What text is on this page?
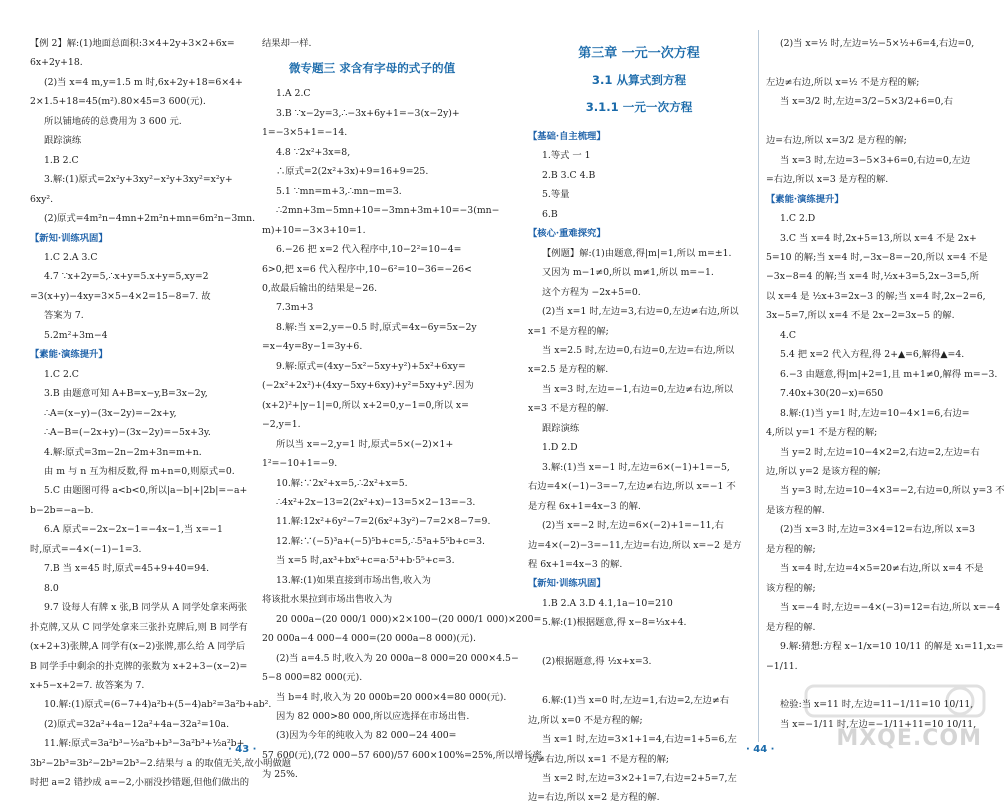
【例 2】解:(1)地面总面积:3×4+2y+3×2+6x=
6x+2y+18.
(2)当 x=4 m,y=1.5 m 时,6x+2y+18=6×4+
2×1.5+18=45(m²).80×45=3 600(元).
所以铺地砖的总费用为 3 600 元.
跟踪演练
1.B 2.C
3.解:(1)原式=2x²y+3xy²−x²y+3xy²=x²y+
6xy².
(2)原式=4m²n−4mn+2m²n+mn=6m²n−3mn.
【新知·训练巩固】
1.C 2.A 3.C
4.7 ∵x+2y=5,∴x+y=5.x+y=5,xy=2
=3(x+y)−4xy=3×5−4×2=15−8=7. 故
答案为 7.
5.2m²+3m−4
【素能·演练提升】
1.C 2.C
3.B 由题意可知 A+B=x−y,B=3x−2y,
∴A=(x−y)−(3x−2y)=−2x+y,
∴A−B=(−2x+y)−(3x−2y)=−5x+3y.
4.解:原式=3m−2n−2m+3n=m+n.
由 m 与 n 互为相反数,得 m+n=0,则原式=0.
5.C 由题图可得 a<b<0,所以|a−b|+|2b|=−a+
b−2b=−a−b.
6.A 原式=−2x−2x−1=−4x−1,当 x=−1
时,原式=−4×(−1)−1=3.
7.B 当 x=45 时,原式=45+9+40=94.
8.0
9.7 设每人有牌 x 张,B 同学从 A 同学处拿来两张
扑克牌,又从 C 同学处拿来三张扑克牌后,则 B 同学有
(x+2+3)张牌,A 同学有(x−2)张牌,那么给 A 同学后
B 同学手中剩余的扑克牌的张数为 x+2+3−(x−2)=
x+5−x+2=7. 故答案为 7.
10.解:(1)原式=(6−7+4)a²b+(5−4)ab²=3a²b+ab².
(2)原式=32a²+4a−12a²+4a−32a²=10a.
11.解:原式=3a²b³−½a²b+b³−3a²b³+½a²b+
3b²−2b³=3b²−2b³=2b³−2.结果与 a 的取值无关,故小明做题
时把 a=2 错抄成 a=−2,小丽没抄错题,但他们做出的
结果却一样.
微专题三 求含有字母的式子的值
1.A 2.C
3.B ∵x−2y=3,∴−3x+6y+1=−3(x−2y)+
1=−3×5+1=−14.
4.8 ∵2x²+3x=8,
∴原式=2(2x²+3x)+9=16+9=25.
5.1 ∵mn=m+3,∴mn−m=3.
∴2mn+3m−5mn+10=−3mn+3m+10=−3(mn−
m)+10=−3×3+10=1.
6.−26 把 x=2 代入程序中,10−2²=10−4=
6>0,把 x=6 代入程序中,10−6²=10−36=−26<
0,故最后输出的结果是−26.
7.3m+3
8.解:当 x=2,y=−0.5 时,原式=4x−6y=5x−2y
=x−4y=8y−1=3y+6.
9.解:原式=(4xy−5x²−5xy+y²)+5x²+6xy=
(−2x²+2x²)+(4xy−5xy+6xy)+y²=5xy+y².因为
(x+2)²+|y−1|=0,所以 x+2=0,y−1=0,所以 x=
−2,y=1.
所以当 x=−2,y=1 时,原式=5×(−2)×1+
1²=−10+1=−9.
10.解:∵2x²+x=5,∴2x²+x=5.
∴4x²+2x−13=2(2x²+x)−13=5×2−13=−3.
11.解:12x²+6y²−7=2(6x²+3y²)−7=2×8−7=9.
12.解:∵(−5)³a+(−5)⁵b+c=5,∴5³a+5⁵b+c=3.
当 x=5 时,ax³+bx⁵+c=a·5³+b·5⁵+c=3.
13.解:(1)如果直接到市场出售,收入为
将该批水果拉到市场出售收入为
20 000a−(20 000/1 000)×2×100−(20 000/1 000)×200=
20 000a−4 000−4 000=(20 000a−8 000)(元).
(2)当 a=4.5 时,收入为 20 000a−8 000=20 000×4.5−
5−8 000=82 000(元).
当 b=4 时,收入为 20 000b=20 000×4=80 000(元).
因为 82 000>80 000,所以应选择在市场出售.
(3)因为今年的纯收入为 82 000−24 400=
57 600(元),(72 000−57 600)/57 600×100%=25%,所以增长率
为 25%.
· 43 ·
第三章 一元一次方程
3.1 从算式到方程
3.1.1 一元一次方程
【基础·自主梳理】
1.等式 一 1
2.B 3.C 4.B
5.等量
6.B
【核心·重难探究】
【例题】解:(1)由题意,得|m|=1,所以 m=±1.
又因为 m−1≠0,所以 m≠1,所以 m=−1.
这个方程为 −2x+5=0.
(2)当 x=1 时,左边=3,右边=0,左边≠右边,所以
x=1 不是方程的解;
当 x=2.5 时,左边=0,右边=0,左边=右边,所以
x=2.5 是方程的解.
当 x=3 时,左边=−1,右边=0,左边≠右边,所以
x=3 不是方程的解.
跟踪演练
1.D 2.D
3.解:(1)当 x=−1 时,左边=6×(−1)+1=−5,
右边=4×(−1)−3=−7,左边≠右边,所以 x=−1 不
是方程 6x+1=4x−3 的解.
(2)当 x=−2 时,左边=6×(−2)+1=−11,右
边=4×(−2)−3=−11,左边=右边,所以 x=−2 是方
程 6x+1=4x−3 的解.
【新知·训练巩固】
1.B 2.A 3.D 4.1,1a−10=210
5.解:(1)根据题意,得 x−8=⅓x+4.

(2)根据题意,得 ½x+x=3.

6.解:(1)当 x=0 时,左边=1,右边=2,左边≠右
边,所以 x=0 不是方程的解;
当 x=1 时,左边=3×1+1=4,右边=1+5=6,左
边≠右边,所以 x=1 不是方程的解;
当 x=2 时,左边=3×2+1=7,右边=2+5=7,左
边=右边,所以 x=2 是方程的解.
(2)当 x=½ 时,左边=½−5×½+6=4,右边=0,

左边≠右边,所以 x=½ 不是方程的解;
当 x=3/2 时,左边=3/2−5×3/2+6=0,右

边=右边,所以 x=3/2 是方程的解;
当 x=3 时,左边=3−5×3+6=0,右边=0,左边
=右边,所以 x=3 是方程的解.
【素能·演练提升】
1.C 2.D
3.C 当 x=4 时,2x+5=13,所以 x=4 不是 2x+
5=10 的解;当 x=4 时,−3x−8=−20,所以 x=4 不是
−3x−8=4 的解;当 x=4 时,½x+3=5,2x−3=5,所
以 x=4 是 ½x+3=2x−3 的解;当 x=4 时,2x−2=6,
3x−5=7,所以 x=4 不是 2x−2=3x−5 的解.
4.C
5.4 把 x=2 代入方程,得 2+▲=6,解得▲=4.
6.−3 由题意,得|m|+2=1,且 m+1≠0,解得 m=−3.
7.40x+30(20−x)=650
8.解:(1)当 y=1 时,左边=10−4×1=6,右边=
4,所以 y=1 不是方程的解;
当 y=2 时,左边=10−4×2=2,右边=2,左边=右
边,所以 y=2 是该方程的解;
当 y=3 时,左边=10−4×3=−2,右边=0,所以 y=3 不
是该方程的解.
(2)当 x=3 时,左边=3×4=12=右边,所以 x=3
是方程的解;
当 x=4 时,左边=4×5=20≠右边,所以 x=4 不是
该方程的解;
当 x=−4 时,左边=−4×(−3)=12=右边,所以 x=−4
是方程的解.
9.解:猜想:方程 x−1/x=10 10/11 的解是 x₁=11,x₂=
−1/11.

检验:当 x=11 时,左边=11−1/11=10 10/11,
当 x=−1/11 时,左边=−1/11+11=10 10/11,
· 44 ·	MXQE.COM
